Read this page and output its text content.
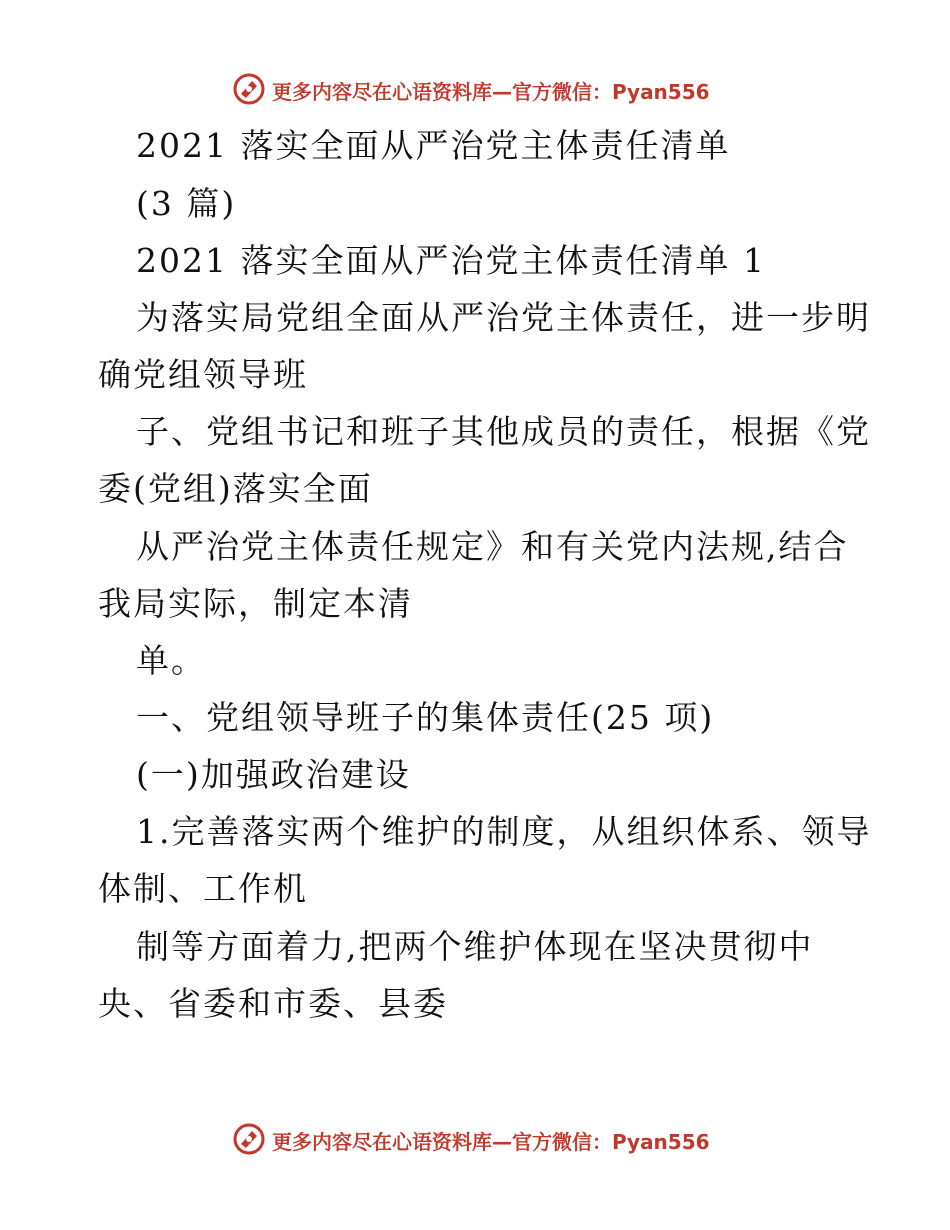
更多内容尽在心语资料库—官方微信：Pyan556
2021 落实全面从严治党主体责任清单
(3 篇)
2021 落实全面从严治党主体责任清单 1
为落实局党组全面从严治党主体责任，进一步明
确党组领导班
子、党组书记和班子其他成员的责任，根据《党
委(党组)落实全面
从严治党主体责任规定》和有关党内法规,结合
我局实际，制定本清
单。
一、党组领导班子的集体责任(25 项)
(一)加强政治建设
1.完善落实两个维护的制度，从组织体系、领导
体制、工作机
制等方面着力,把两个维护体现在坚决贯彻中
央、省委和市委、县委
更多内容尽在心语资料库—官方微信：Pyan556
